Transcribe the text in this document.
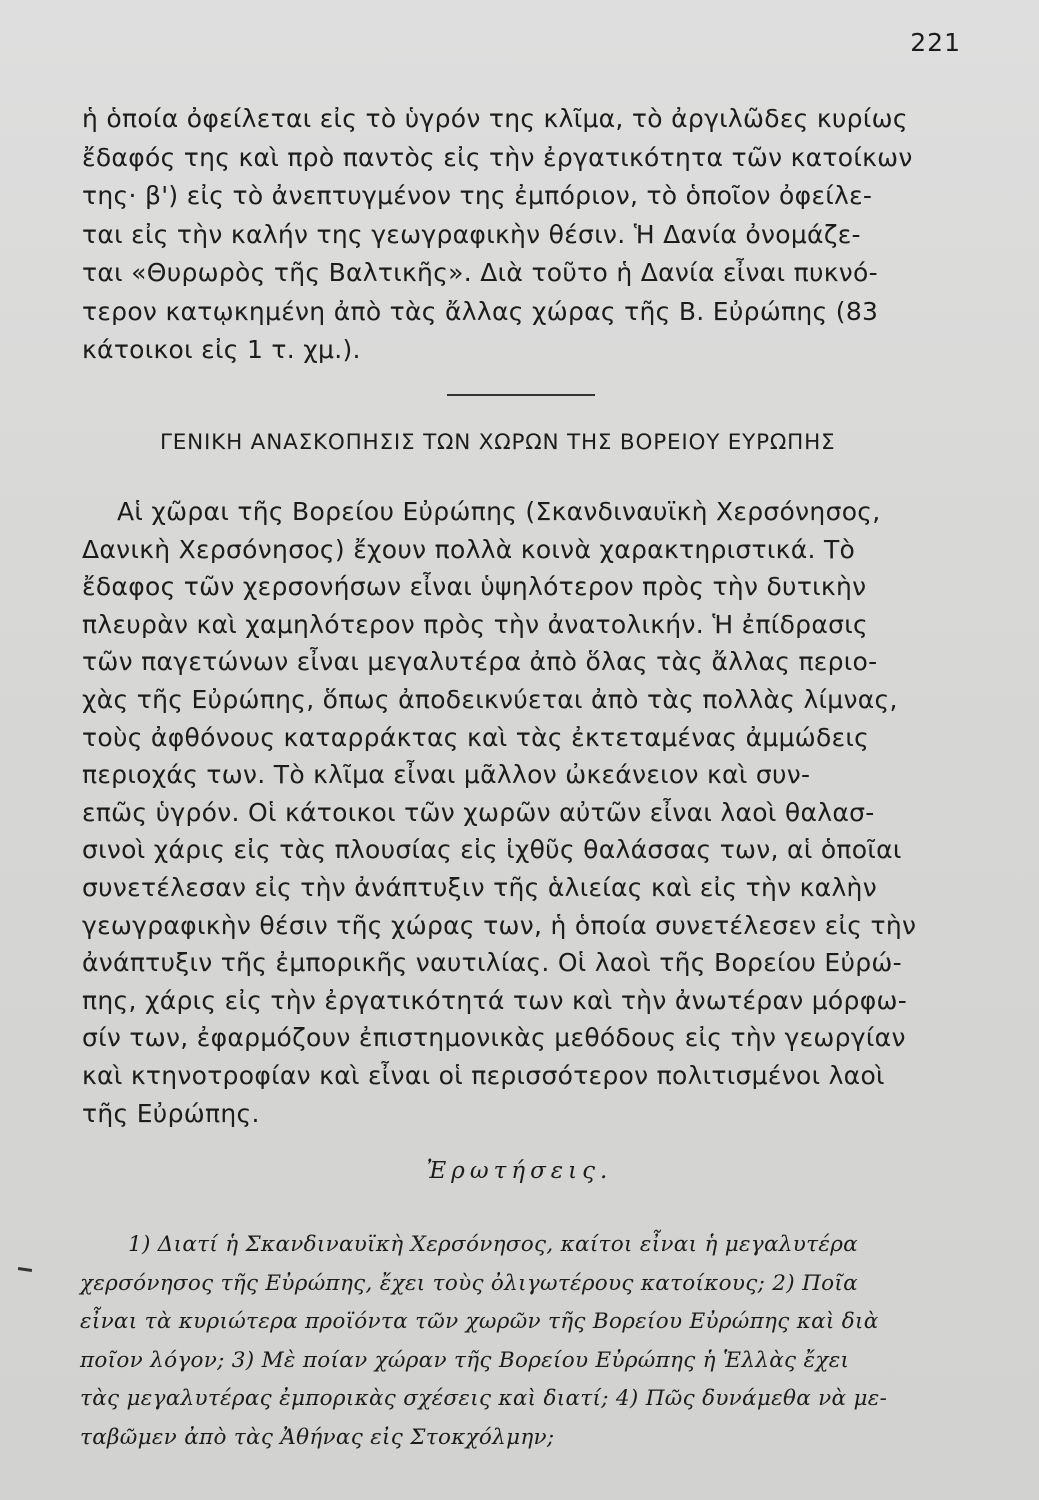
221
ἡ ὁποία ὀφείλεται εἰς τὸ ὑγρόν της κλῖμα, τὸ ἀργιλῶδες κυρίως
ἔδαφός της καὶ πρὸ παντὸς εἰς τὴν ἐργατικότητα τῶν κατοίκων
της· β') εἰς τὸ ἀνεπτυγμένον της ἐμπόριον, τὸ ὁποῖον ὀφείλε-
ται εἰς τὴν καλήν της γεωγραφικὴν θέσιν. Ἡ Δανία ὀνομάζε-
ται «Θυρωρὸς τῆς Βαλτικῆς». Διὰ τοῦτο ἡ Δανία εἶναι πυκνό-
τερον κατῳκημένη ἀπὸ τὰς ἄλλας χώρας τῆς Β. Εὐρώπης (83
κάτοικοι εἰς 1 τ. χμ.).
ΓΕΝΙΚΗ ΑΝΑΣΚΟΠΗΣΙΣ ΤΩΝ ΧΩΡΩΝ ΤΗΣ ΒΟΡΕΙΟΥ ΕΥΡΩΠΗΣ
Αἱ χῶραι τῆς Βορείου Εὐρώπης (Σκανδιναυϊκὴ Χερσόνησος,
Δανικὴ Χερσόνησος) ἔχουν πολλὰ κοινὰ χαρακτηριστικά. Τὸ
ἔδαφος τῶν χερσονήσων εἶναι ὑψηλότερον πρὸς τὴν δυτικὴν
πλευρὰν καὶ χαμηλότερον πρὸς τὴν ἀνατολικήν. Ἡ ἐπίδρασις
τῶν παγετώνων εἶναι μεγαλυτέρα ἀπὸ ὅλας τὰς ἄλλας περιο-
χὰς τῆς Εὐρώπης, ὅπως ἀποδεικνύεται ἀπὸ τὰς πολλὰς λίμνας,
τοὺς ἀφθόνους καταρράκτας καὶ τὰς ἐκτεταμένας ἀμμώδεις
περιοχάς των. Τὸ κλῖμα εἶναι μᾶλλον ὠκεάνειον καὶ συν-
επῶς ὑγρόν. Οἱ κάτοικοι τῶν χωρῶν αὐτῶν εἶναι λαοὶ θαλασ-
σινοὶ χάρις εἰς τὰς πλουσίας εἰς ἰχθῦς θαλάσσας των, αἱ ὁποῖαι
συνετέλεσαν εἰς τὴν ἀνάπτυξιν τῆς ἁλιείας καὶ εἰς τὴν καλὴν
γεωγραφικὴν θέσιν τῆς χώρας των, ἡ ὁποία συνετέλεσεν εἰς τὴν
ἀνάπτυξιν τῆς ἐμπορικῆς ναυτιλίας. Οἱ λαοὶ τῆς Βορείου Εὐρώ-
πης, χάρις εἰς τὴν ἐργατικότητά των καὶ τὴν ἀνωτέραν μόρφω-
σίν των, ἐφαρμόζουν ἐπιστημονικὰς μεθόδους εἰς τὴν γεωργίαν
καὶ κτηνοτροφίαν καὶ εἶναι οἱ περισσότερον πολιτισμένοι λαοὶ
τῆς Εὐρώπης.
Ἐρωτήσεις.
1) Διατί ἡ Σκανδιναυϊκὴ Χερσόνησος, καίτοι εἶναι ἡ μεγαλυτέρα
χερσόνησος τῆς Εὐρώπης, ἔχει τοὺς ὀλιγωτέρους κατοίκους; 2) Ποῖα
εἶναι τὰ κυριώτερα προϊόντα τῶν χωρῶν τῆς Βορείου Εὐρώπης καὶ διὰ
ποῖον λόγον; 3) Μὲ ποίαν χώραν τῆς Βορείου Εὐρώπης ἡ Ἑλλὰς ἔχει
τὰς μεγαλυτέρας ἐμπορικὰς σχέσεις καὶ διατί; 4) Πῶς δυνάμεθα νὰ με-
ταβῶμεν ἀπὸ τὰς Ἀθήνας εἰς Στοκχόλμην;
